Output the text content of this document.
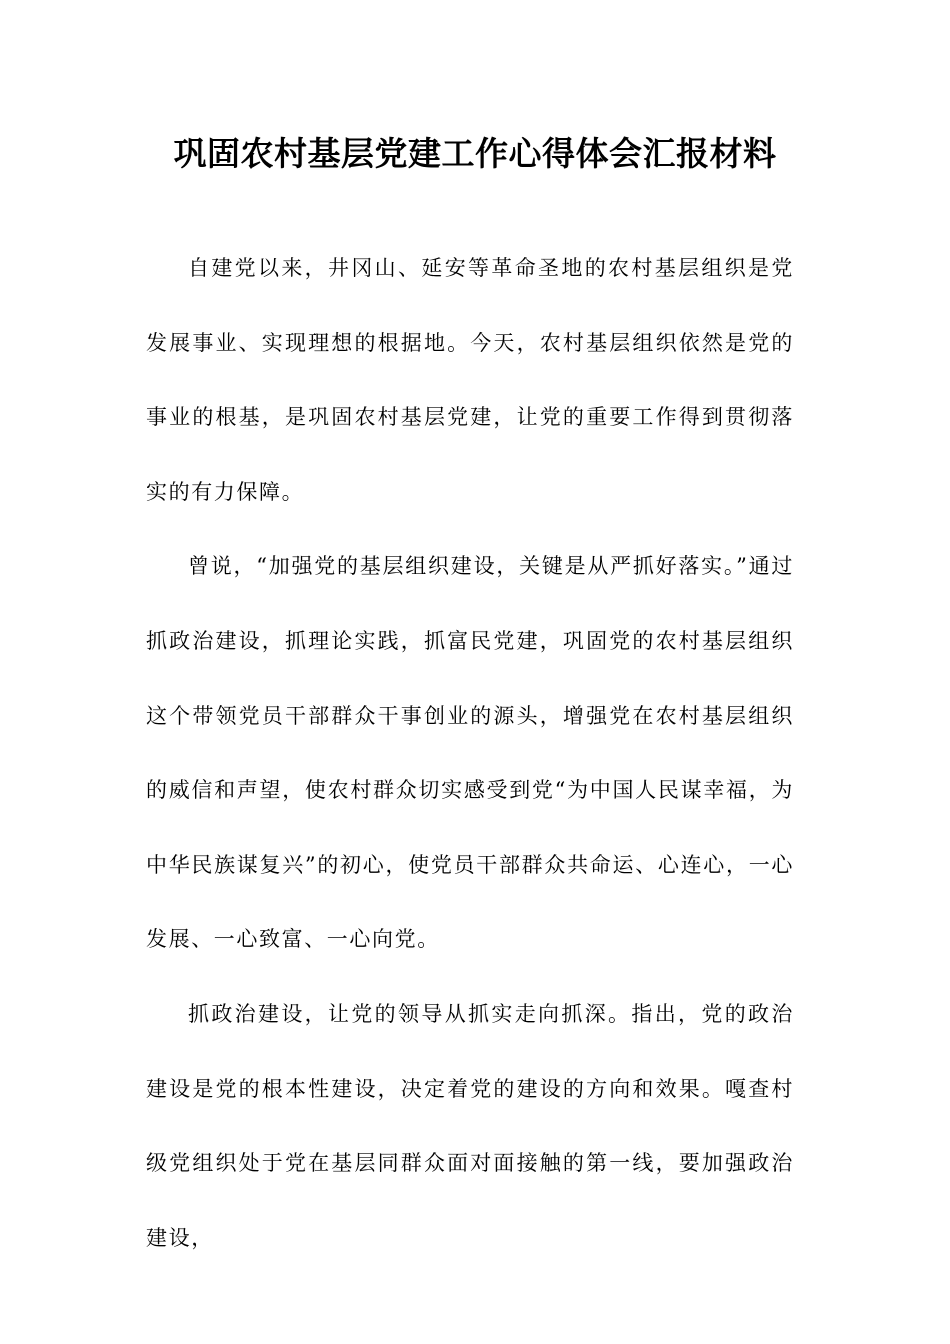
巩固农村基层党建工作心得体会汇报材料

自建党以来，井冈山、延安等革命圣地的农村基层组织是党发展事业、实现理想的根据地。今天，农村基层组织依然是党的事业的根基，是巩固农村基层党建，让党的重要工作得到贯彻落实的有力保障。

曾说，“加强党的基层组织建设，关键是从严抓好落实。”通过抓政治建设，抓理论实践，抓富民党建，巩固党的农村基层组织这个带领党员干部群众干事创业的源头，增强党在农村基层组织的威信和声望，使农村群众切实感受到党“为中国人民谋幸福，为中华民族谋复兴”的初心，使党员干部群众共命运、心连心，一心发展、一心致富、一心向党。

抓政治建设，让党的领导从抓实走向抓深。指出，党的政治建设是党的根本性建设，决定着党的建设的方向和效果。嘎查村级党组织处于党在基层同群众面对面接触的第一线，要加强政治建设，
